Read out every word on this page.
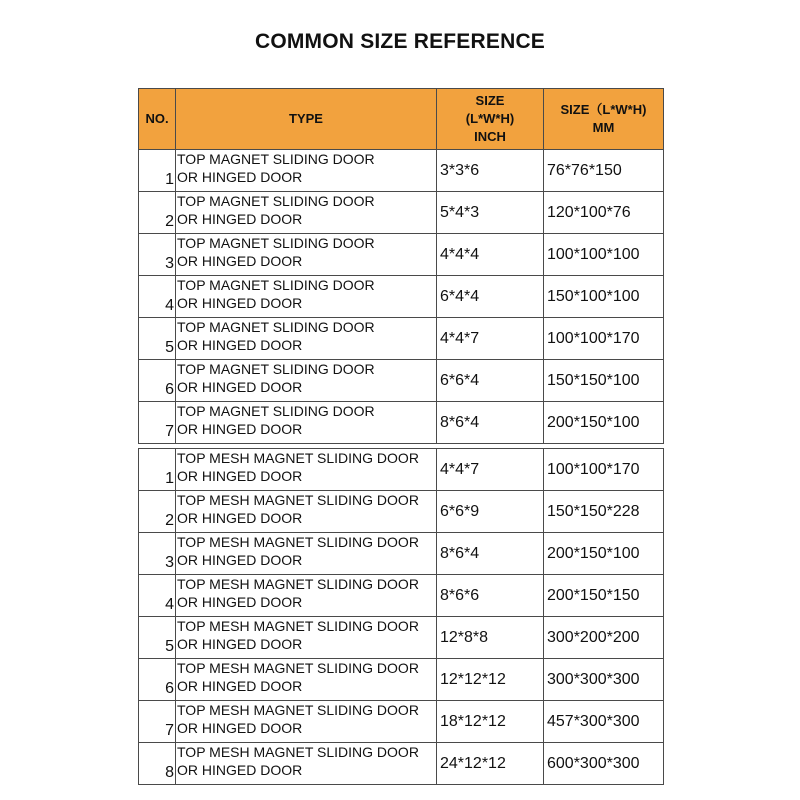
COMMON SIZE REFERENCE
NO.	TYPE	SIZE
(L*W*H)
INCH	SIZE（L*W*H)
MM

1	TOP MAGNET SLIDING DOOR
OR HINGED DOOR	3*3*6	76*76*150
2	TOP MAGNET SLIDING DOOR
OR HINGED DOOR	5*4*3	120*100*76
3	TOP MAGNET SLIDING DOOR
OR HINGED DOOR	4*4*4	100*100*100
4	TOP MAGNET SLIDING DOOR
OR HINGED DOOR	6*4*4	150*100*100
5	TOP MAGNET SLIDING DOOR
OR HINGED DOOR	4*4*7	100*100*170
6	TOP MAGNET SLIDING DOOR
OR HINGED DOOR	6*6*4	150*150*100
7	TOP MAGNET SLIDING DOOR
OR HINGED DOOR	8*6*4	200*150*100
1	TOP MESH MAGNET SLIDING DOOR
OR HINGED DOOR	4*4*7	100*100*170
2	TOP MESH MAGNET SLIDING DOOR
OR HINGED DOOR	6*6*9	150*150*228
3	TOP MESH MAGNET SLIDING DOOR
OR HINGED DOOR	8*6*4	200*150*100
4	TOP MESH MAGNET SLIDING DOOR
OR HINGED DOOR	8*6*6	200*150*150
5	TOP MESH MAGNET SLIDING DOOR
OR HINGED DOOR	12*8*8	300*200*200
6	TOP MESH MAGNET SLIDING DOOR
OR HINGED DOOR	12*12*12	300*300*300
7	TOP MESH MAGNET SLIDING DOOR
OR HINGED DOOR	18*12*12	457*300*300
8	TOP MESH MAGNET SLIDING DOOR
OR HINGED DOOR	24*12*12	600*300*300
